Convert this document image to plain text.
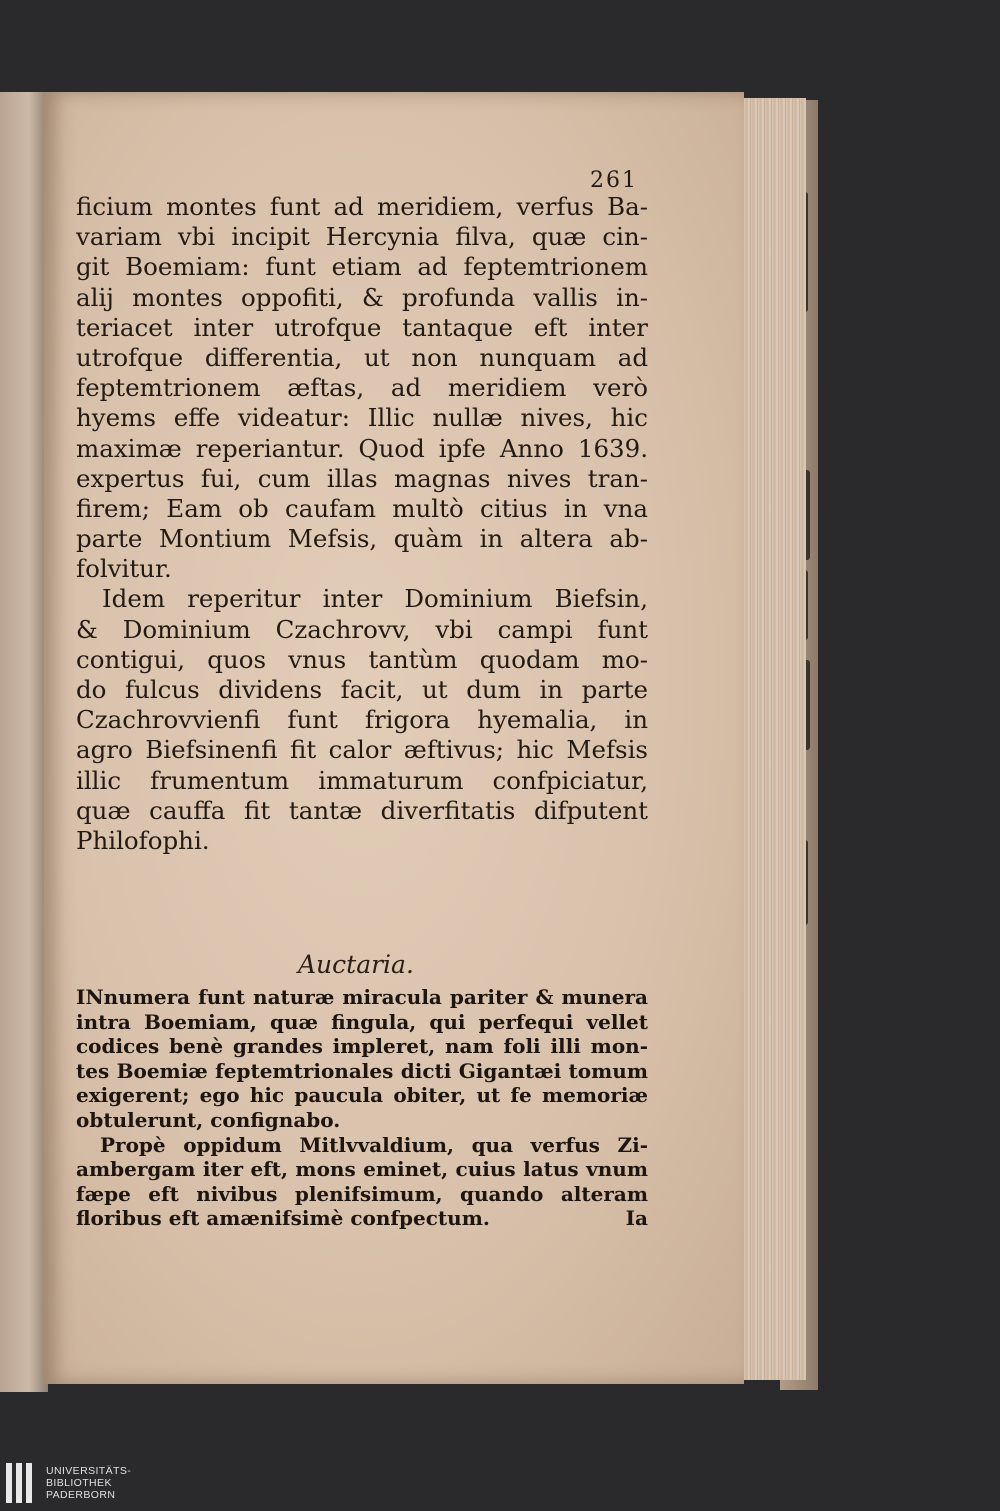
261
ficium montes funt ad meridiem, verfus Ba-
variam vbi incipit Hercynia filva, quæ cin-
git Boemiam: funt etiam ad feptemtrionem
alij montes oppofiti, & profunda vallis in-
teriacet inter utrofque tantaque eft inter
utrofque differentia, ut non nunquam ad
feptemtrionem æftas, ad meridiem verò
hyems effe videatur: Illic nullæ nives, hic
maximæ reperiantur. Quod ipfe Anno 1639.
expertus fui, cum illas magnas nives tran-
firem; Eam ob caufam multò citius in vna
parte Montium Mefsis, quàm in altera ab-
folvitur.
Idem reperitur inter Dominium Biefsin,
& Dominium Czachrovv, vbi campi funt
contigui, quos vnus tantùm quodam mo-
do fulcus dividens facit, ut dum in parte
Czachrovvienfi funt frigora hyemalia, in
agro Biefsinenfi fit calor æftivus; hic Mefsis
illic frumentum immaturum confpiciatur,
quæ cauffa fit tantæ diverfitatis difputent
Philofophi.
Auctaria.
INnumera funt naturæ miracula pariter & munera
intra Boemiam, quæ fingula, qui perfequi vellet
codices benè grandes impleret, nam foli illi mon-
tes Boemiæ feptemtrionales dicti Gigantæi tomum
exigerent; ego hic paucula obiter, ut fe memoriæ
obtulerunt, confignabo.
Propè oppidum Mitlvvaldium, qua verfus Zi-
ambergam iter eft, mons eminet, cuius latus vnum
fæpe eft nivibus plenifsimum, quando alteram
floribus eft amænifsimè confpectum.	Ia
UNIVERSITÄTS-
BIBLIOTHEK
PADERBORN
